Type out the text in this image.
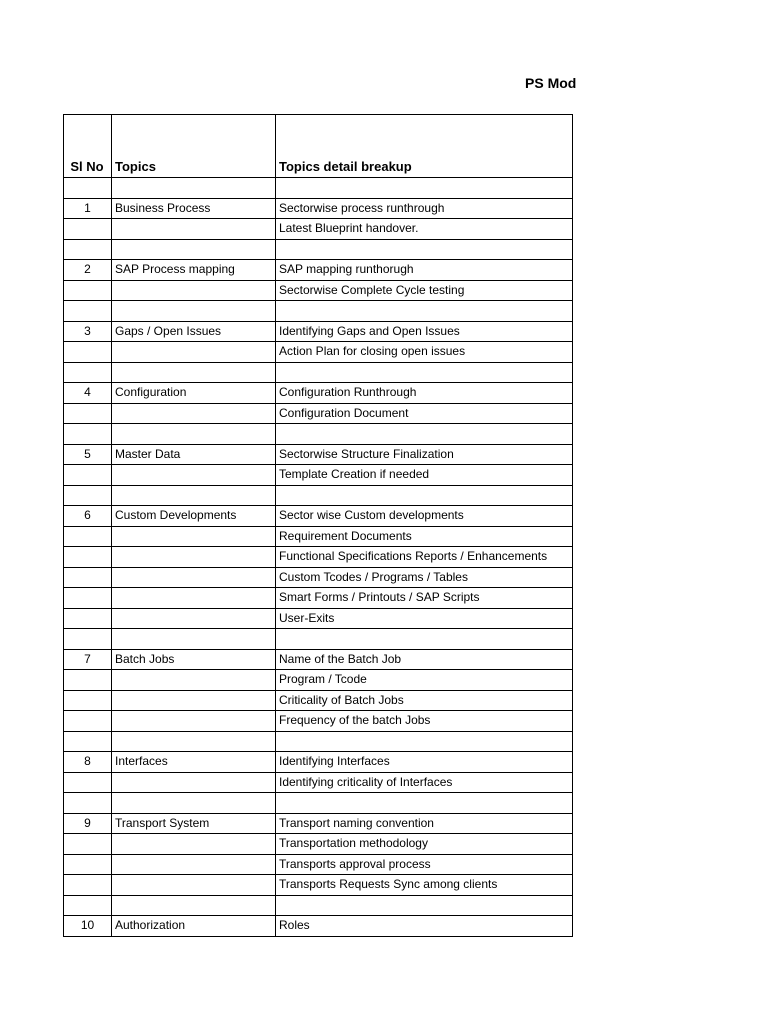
PS Mod
Sl No	Topics	Topics detail breakup

1	Business Process	Sectorwise process runthrough
		Latest Blueprint handover.

2	SAP Process mapping	SAP mapping runthorugh
		Sectorwise Complete Cycle testing

3	Gaps / Open Issues	Identifying Gaps and Open Issues
		Action Plan for closing open issues

4	Configuration	Configuration Runthrough
		Configuration Document

5	Master Data	Sectorwise Structure Finalization
		Template Creation if needed

6	Custom Developments	Sector wise Custom developments
		Requirement Documents
		Functional Specifications Reports / Enhancements
		Custom Tcodes / Programs / Tables
		Smart Forms / Printouts / SAP Scripts
		User-Exits

7	Batch Jobs	Name of the Batch Job
		Program / Tcode
		Criticality of Batch Jobs
		Frequency of the batch Jobs

8	Interfaces	Identifying Interfaces
		Identifying criticality of Interfaces

9	Transport System	Transport naming convention
		Transportation methodology
		Transports approval process
		Transports Requests Sync among clients

10	Authorization	Roles
